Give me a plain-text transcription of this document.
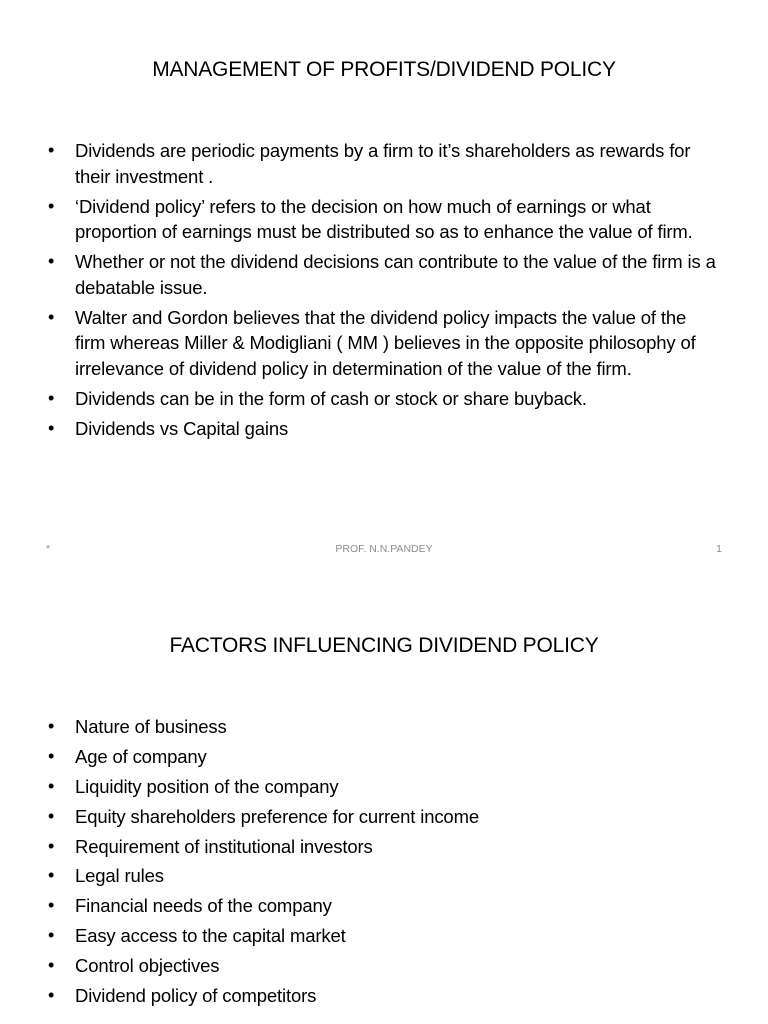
MANAGEMENT OF PROFITS/DIVIDEND POLICY
• Dividends are periodic payments by a firm to it’s shareholders as rewards for their investment .
• ‘Dividend policy’ refers to the decision on how much of earnings or what proportion of earnings must be distributed so as to enhance the value of firm.
• Whether or not the dividend decisions can contribute to the value of the firm is a debatable issue.
• Walter and Gordon believes that the dividend policy impacts the value of the firm whereas Miller & Modigliani ( MM ) believes in the opposite philosophy of irrelevance of dividend policy in determination of the value of the firm.
• Dividends can be in the form of cash or stock or share buyback.
• Dividends vs Capital gains
*	PROF. N.N.PANDEY	1
FACTORS INFLUENCING DIVIDEND POLICY
• Nature of business
• Age of company
• Liquidity position of the company
• Equity shareholders preference for current income
• Requirement of institutional investors
• Legal rules
• Financial needs of the company
• Easy access to the capital market
• Control objectives
• Dividend policy of competitors
